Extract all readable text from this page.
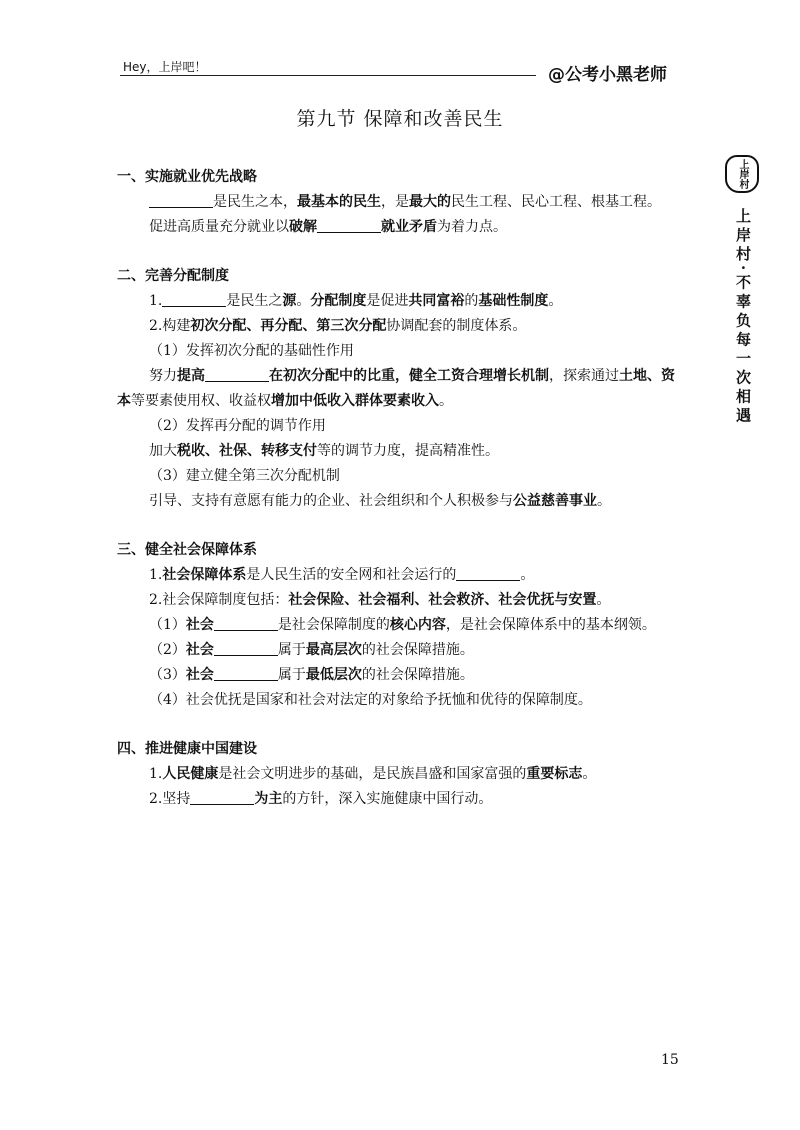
Hey，上岸吧！	@公考小黑老师
第九节 保障和改善民生
上岸村
上岸村·不辜负每一次相遇
一、实施就业优先战略
是民生之本，最基本的民生，是最大的民生工程、民心工程、根基工程。
促进高质量充分就业以破解	就业矛盾为着力点。
二、完善分配制度
1.	是民生之源。分配制度是促进共同富裕的基础性制度。
2.构建初次分配、再分配、第三次分配协调配套的制度体系。
（1）发挥初次分配的基础性作用
努力提高	在初次分配中的比重，健全工资合理增长机制，探索通过土地、资本等要素使用权、收益权增加中低收入群体要素收入。
（2）发挥再分配的调节作用
加大税收、社保、转移支付等的调节力度，提高精准性。
（3）建立健全第三次分配机制
引导、支持有意愿有能力的企业、社会组织和个人积极参与公益慈善事业。
三、健全社会保障体系
1.社会保障体系是人民生活的安全网和社会运行的	。
2.社会保障制度包括：社会保险、社会福利、社会救济、社会优抚与安置。
（1）社会	是社会保障制度的核心内容，是社会保障体系中的基本纲领。
（2）社会	属于最高层次的社会保障措施。
（3）社会	属于最低层次的社会保障措施。
（4）社会优抚是国家和社会对法定的对象给予抚恤和优待的保障制度。
四、推进健康中国建设
1.人民健康是社会文明进步的基础，是民族昌盛和国家富强的重要标志。
2.坚持	为主的方针，深入实施健康中国行动。
15
